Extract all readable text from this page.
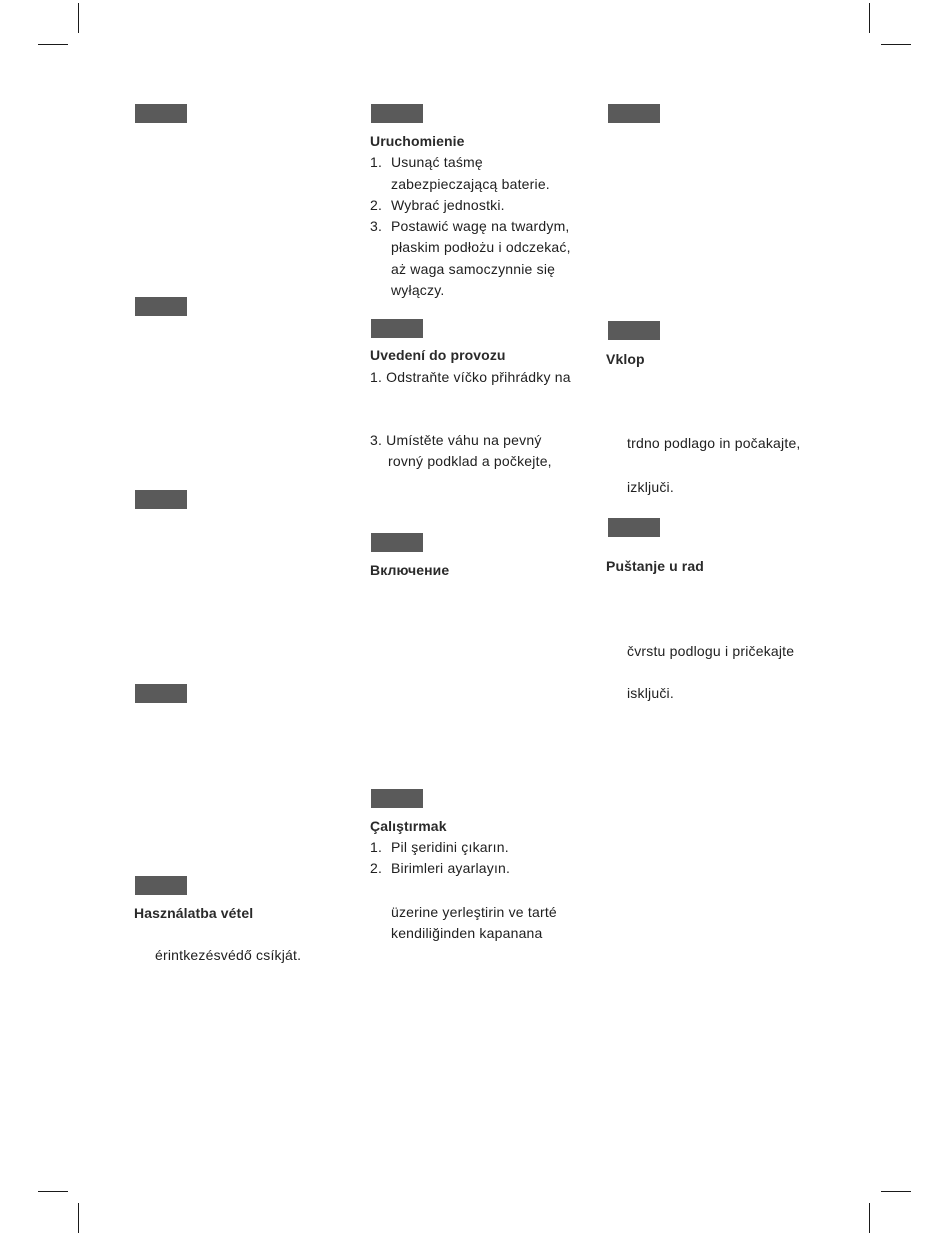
Használatba vétel
érintkezésvédő csíkját.
Uruchomienie
1. Usunąć taśmę
zabezpieczającą baterie.
2. Wybrać jednostki.
3. Postawić wagę na twardym,
płaskim podłożu i odczekać,
aż waga samoczynnie się
wyłączy.
Uvedení do provozu
1. Odstraňte víčko přihrádky na
3. Umístěte váhu na pevný
rovný podklad a počkejte,
Включение
Çalıştırmak
1. Pil şeridini çıkarın.
2. Birimleri ayarlayın.
üzerine yerleştirin ve tarté
kendiliğinden kapanana
Vklop
trdno podlago in počakajte,
izključi.
Puštanje u rad
čvrstu podlogu i pričekajte
isključi.
